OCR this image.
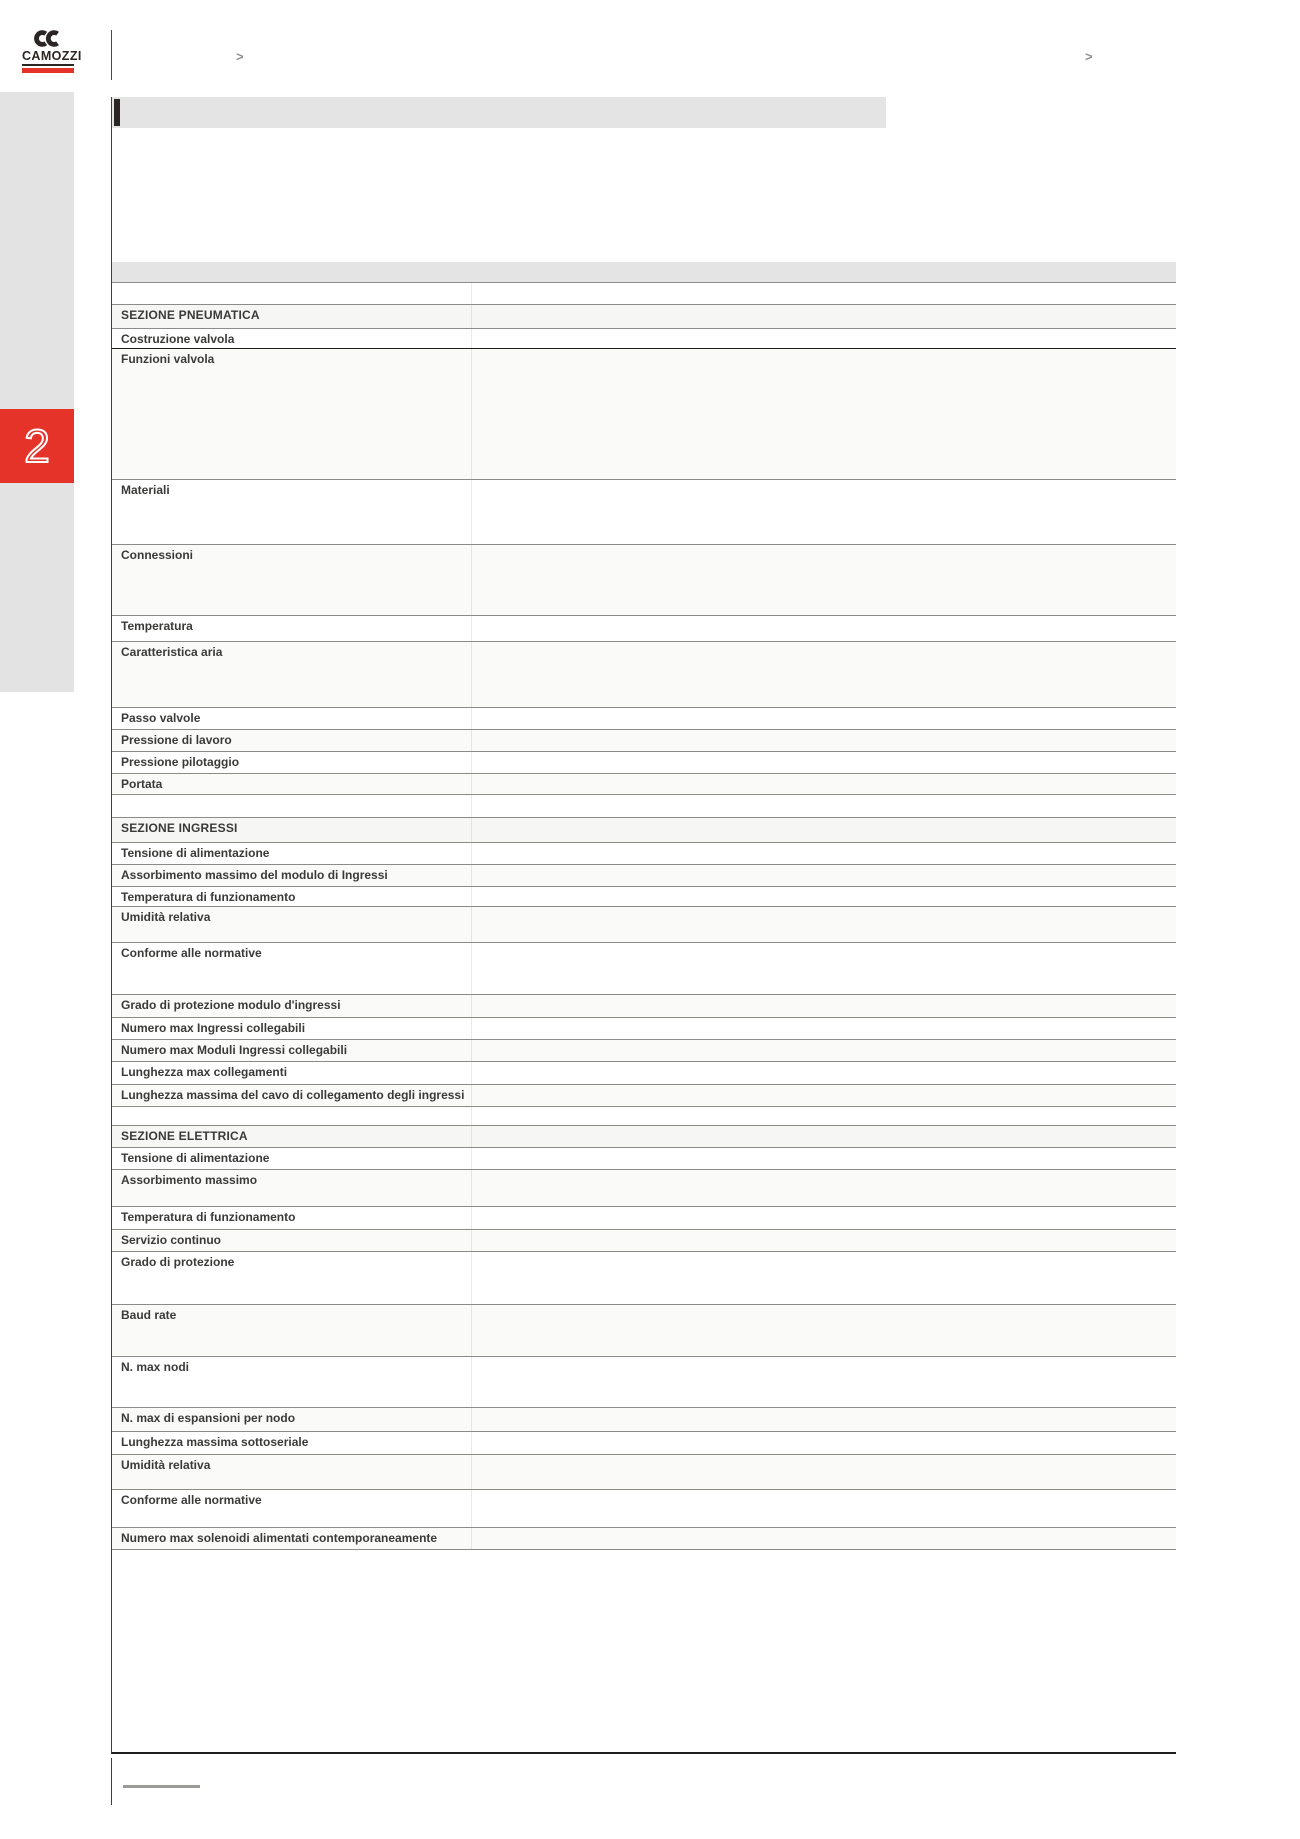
CAMOZZI	>	>
2
SEZIONE PNEUMATICA
Costruzione valvola
Funzioni valvola
Materiali
Connessioni
Temperatura
Caratteristica aria
Passo valvole
Pressione di lavoro
Pressione pilotaggio
Portata
SEZIONE INGRESSI
Tensione di alimentazione
Assorbimento massimo del modulo di Ingressi
Temperatura di funzionamento
Umidità relativa
Conforme alle normative
Grado di protezione modulo d'ingressi
Numero max Ingressi collegabili
Numero max Moduli Ingressi collegabili
Lunghezza max collegamenti
Lunghezza massima del cavo di collegamento degli ingressi
SEZIONE ELETTRICA
Tensione di alimentazione
Assorbimento massimo
Temperatura di funzionamento
Servizio continuo
Grado di protezione
Baud rate
N. max nodi
N. max di espansioni per nodo
Lunghezza massima sottoseriale
Umidità relativa
Conforme alle normative
Numero max solenoidi alimentati contemporaneamente
